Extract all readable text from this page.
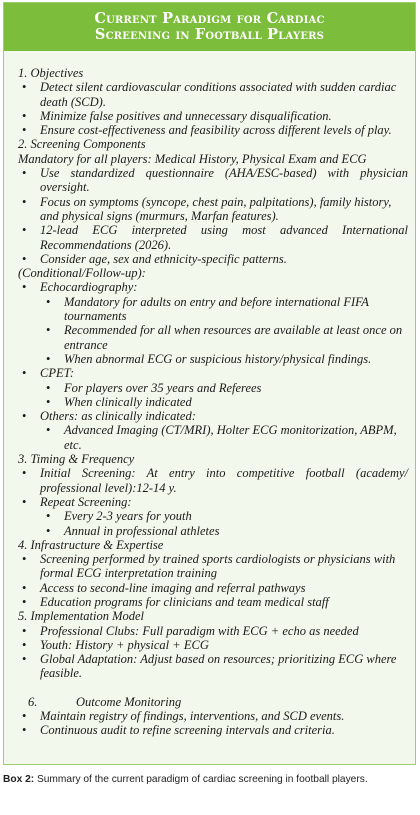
Current Paradigm for Cardiac
Screening in Football Players

1. Objectives

• Detect silent cardiovascular conditions associated with sudden cardiac death (SCD).

• Minimize false positives and unnecessary disqualification.

• Ensure cost-effectiveness and feasibility across different levels of play.

2. Screening Components

Mandatory for all players: Medical History, Physical Exam and ECG

• Use standardized questionnaire (AHA/ESC-based) with physician oversight.

• Focus on symptoms (syncope, chest pain, palpitations), family history, and physical signs (murmurs, Marfan features).

• 12-lead ECG interpreted using most advanced International Recommendations (2026).

• Consider age, sex and ethnicity-specific patterns.

(Conditional/Follow-up):

• Echocardiography:

• Mandatory for adults on entry and before international FIFA tournaments

• Recommended for all when resources are available at least once on entrance

• When abnormal ECG or suspicious history/physical findings.

• CPET:

• For players over 35 years and Referees

• When clinically indicated

• Others: as clinically indicated:

• Advanced Imaging (CT/MRI), Holter ECG monitorization, ABPM, etc.

3. Timing & Frequency

• Initial Screening: At entry into competitive football (academy/ professional level):12-14 y.

• Repeat Screening:

• Every 2-3 years for youth

• Annual in professional athletes

4. Infrastructure & Expertise

• Screening performed by trained sports cardiologists or physicians with formal ECG interpretation training

• Access to second-line imaging and referral pathways

• Education programs for clinicians and team medical staff

5. Implementation Model

• Professional Clubs: Full paradigm with ECG + echo as needed

• Youth: History + physical + ECG

• Global Adaptation: Adjust based on resources; prioritizing ECG where feasible.

6.	Outcome Monitoring

• Maintain registry of findings, interventions, and SCD events.

• Continuous audit to refine screening intervals and criteria.

Box 2: Summary of the current paradigm of cardiac screening in football players.
